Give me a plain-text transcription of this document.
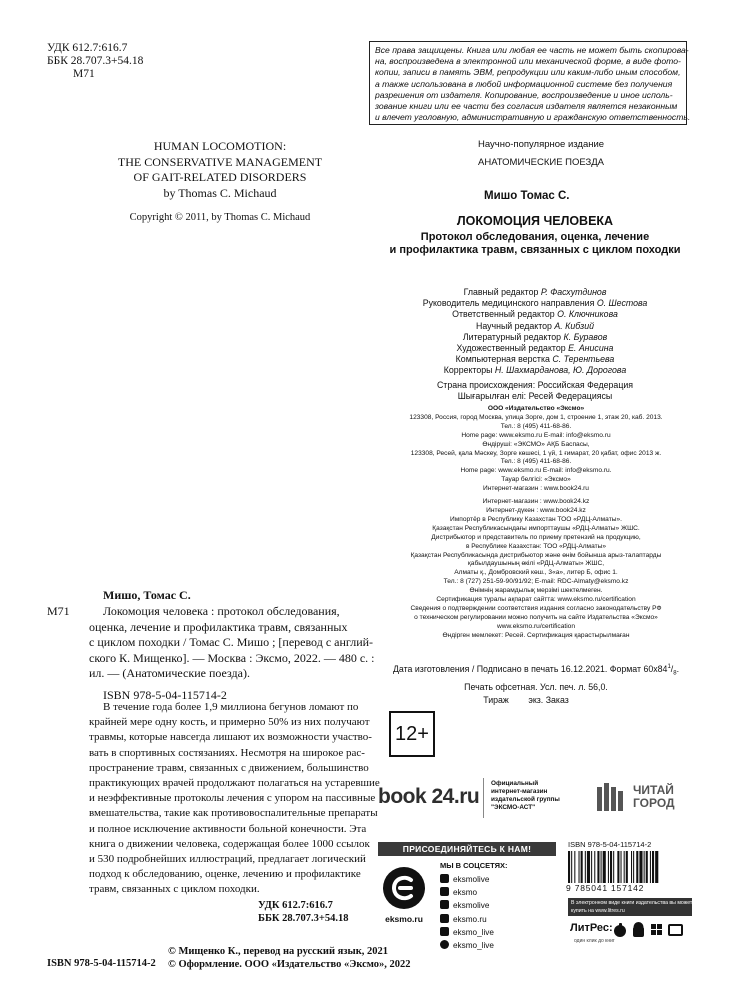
УДК 612.7:616.7
ББК 28.707.3+54.18
М71
HUMAN LOCOMOTION:
THE CONSERVATIVE MANAGEMENT
OF GAIT-RELATED DISORDERS
by Thomas C. Michaud
Copyright © 2011, by Thomas C. Michaud
Мишо, Томас С.
М71	Локомоция человека : протокол обследования,
оценка, лечение и профилактика травм, связанных
с циклом походки / Томас С. Мишо ; [перевод с англий-
ского К. Мищенко]. — Москва : Эксмо, 2022. — 480 с. :
ил. — (Анатомические поезда).
ISBN 978-5-04-115714-2
В течение года более 1,9 миллиона бегунов ломают по
крайней мере одну кость, и примерно 50% из них получают
травмы, которые навсегда лишают их возможности участво-
вать в спортивных состязаниях. Несмотря на широкое рас-
пространение травм, связанных с движением, большинство
практикующих врачей продолжают полагаться на устаревшие
и неэффективные протоколы лечения с упором на пассивные
вмешательства, такие как противовоспалительные препараты
и полное исключение активности больной конечности. Эта
книга о движении человека, содержащая более 1000 ссылок
и 530 подробнейших иллюстраций, предлагает логический
подход к обследованию, оценке, лечению и профилактике
травм, связанных с циклом походки.
УДК 612.7:616.7
ББК 28.707.3+54.18
© Мищенко К., перевод на русский язык, 2021
© Оформление. ООО «Издательство «Эксмо», 2022
ISBN 978-5-04-115714-2
Все права защищены. Книга или любая ее часть не может быть скопирова-
на, воспроизведена в электронной или механической форме, в виде фото-
копии, записи в память ЭВМ, репродукции или каким-либо иным способом,
а также использована в любой информационной системе без получения
разрешения от издателя. Копирование, воспроизведение и иное исполь-
зование книги или ее части без согласия издателя является незаконным
и влечет уголовную, административную и гражданскую ответственность.
Научно-популярное издание
АНАТОМИЧЕСКИЕ ПОЕЗДА
Мишо Томас С.
ЛОКОМОЦИЯ ЧЕЛОВЕКА
Протокол обследования, оценка, лечение
и профилактика травм, связанных с циклом походки
Главный редактор Р. Фасхутдинов
Руководитель медицинского направления О. Шестова
Ответственный редактор О. Ключникова
Научный редактор А. Кибзий
Литературный редактор К. Буравов
Художественный редактор Е. Анисина
Компьютерная верстка С. Терентьева
Корректоры Н. Шахмарданова, Ю. Дорогова
Страна происхождения: Российская Федерация
Шығарылған елі: Ресей Федерациясы
ООО «Издательство «Эксмо»
123308, Россия, город Москва, улица Зорге, дом 1, строение 1, этаж 20, каб. 2013.
Тел.: 8 (495) 411-68-86.
Home page: www.eksmo.ru E-mail: info@eksmo.ru
Өндіруші: «ЭКСМО» АҚБ Баспасы,
123308, Ресей, қала Мәскеу, Зорге көшесі, 1 үй, 1 ғимарат, 20 қабат, офис 2013 ж.
Тел.: 8 (495) 411-68-86.
Home page: www.eksmo.ru E-mail: info@eksmo.ru.
Тауар белгісі: «Эксмо»
Интернет-магазин : www.book24.ru
Интернет-магазин : www.book24.kz
Интернет-дүкен : www.book24.kz
Импортёр в Республику Казахстан ТОО «РДЦ-Алматы».
Қазақстан Республикасындағы импорттаушы «РДЦ-Алматы» ЖШС.
Дистрибьютор и представитель по приему претензий на продукцию,
в Республике Казахстан: ТОО «РДЦ-Алматы»
Қазақстан Республикасында дистрибьютор және өнім бойынша арыз-талаптарды
қабылдаушының өкілі «РДЦ-Алматы» ЖШС,
Алматы қ., Домбровский көш., 3«а», литер Б, офис 1.
Тел.: 8 (727) 251-59-90/91/92; E-mail: RDC-Almaty@eksmo.kz
Өнімнің жарамдылық мерзімі шектелмеген.
Сертификация туралы ақпарат сайтта: www.eksmo.ru/certification
Сведения о подтверждении соответствия издания согласно законодательству РФ
о техническом регулировании можно получить на сайте Издательства «Эксмо»
www.eksmo.ru/certification
Өндірген мемлекет: Ресей. Сертификация қарастырылмаған
Дата изготовления / Подписано в печать 16.12.2021. Формат $60x84^1/_8$.
Печать офсетная. Усл. печ. л. 56,0.
Тираж        экз. Заказ
12+
book 24.ru
Официальный
интернет-магазин
издательской группы
"ЭКСМО-АСТ"
ЧИТАЙ
ГОРОД
ПРИСОЕДИНЯЙТЕСЬ К НАМ!
eksmo.ru
МЫ В СОЦСЕТЯХ:
eksmolive
eksmo
eksmolive
eksmo.ru
eksmo_live
eksmo_live
ISBN 978-5-04-115714-2
9 785041 157142
В электронном виде книги издательства вы можете
купить на www.litres.ru
ЛитРес:
один клик до книг
